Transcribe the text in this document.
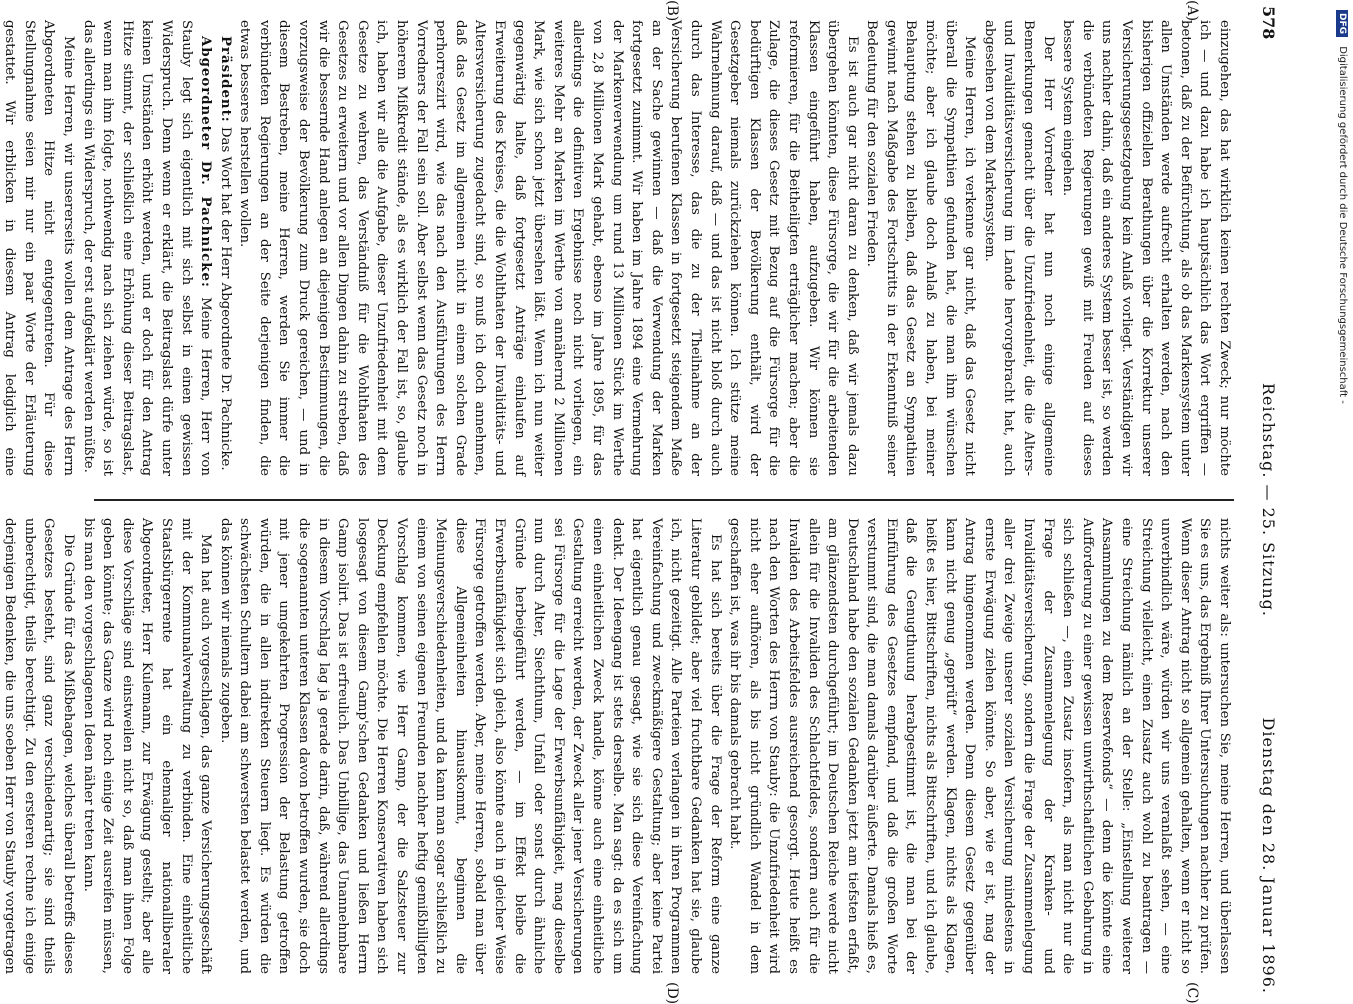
578
Reichstag. — 25. Sitzung.
Dienstag den 28. Januar 1896.
(A)
(B)
(C)
(D)

einzugehen, das hat wirklich keinen rechten Zweck; nur möchte ich — und dazu habe ich hauptsächlich das Wort ergriffen — betonen, daß zu der Befürchtung, als ob das Markensystem unter allen Umständen werde aufrecht erhalten werden, nach den bisherigen offiziellen Berathungen über die Korrektur unserer Versicherungsgesetzgebung kein Anlaß vorliegt. Verständigen wir uns nachher dahin, daß ein anderes System besser ist, so werden die verbündeten Regierungen gewiß mit Freuden auf dieses bessere System eingehen.

Der Herr Vorredner hat nun noch einige allgemeine Bemerkungen gemacht über die Unzufriedenheit, die die Alters- und Invaliditätsversicherung im Lande hervorgebracht hat, auch abgesehen von dem Markensystem.

Meine Herren, ich verkenne gar nicht, daß das Gesetz nicht überall die Sympathien gefunden hat, die man ihm wünschen möchte; aber ich glaube doch Anlaß zu haben, bei meiner Behauptung stehen zu bleiben, daß das Gesetz an Sympathien gewinnt nach Maßgabe des Fortschritts in der Erkenntniß seiner Bedeutung für den sozialen Frieden.

Es ist auch gar nicht daran zu denken, daß wir jemals dazu übergehen könnten, diese Fürsorge, die wir für die arbeitenden Klassen eingeführt haben, aufzugeben. Wir können sie reformieren, für die Beitheiligten erträglicher machen; aber die Zulage, die dieses Gesetz mit Bezug auf die Fürsorge für die bedürftigen Klassen der Bevölkerung enthält, wird der Gesetzgeber niemals zurückziehen können. Ich stütze meine Wahrnehmung darauf, daß — und das ist nicht bloß durch auch durch das Interesse, das die zu der Theilnahme an der Versicherung berufenen Klassen in fortgesetzt steigendem Maße an der Sache gewinnen — daß die Verwendung der Marken fortgesetzt zunimmt. Wir haben im Jahre 1894 eine Vermehrung der Markenverwendung um rund 13 Millionen Stück im Werthe von 2,8 Millionen Mark gehabt, ebenso im Jahre 1895, für das allerdings die definitiven Ergebnisse noch nicht vorliegen, ein weiteres Mehr an Marken im Werthe von annähernd 2 Millionen Mark, wie sich schon jetzt übersehen läßt. Wenn ich nun weiter gegenwärtig halte, daß fortgesetzt Anträge einlaufen auf Erweiterung des Kreises, die die Wohlthaten der Invaliditäts- und Altersversicherung zugedacht sind, so muß ich doch annehmen, daß das Gesetz im allgemeinen nicht in einem solchen Grade perhorreszirt wird, wie das nach den Ausführungen des Herrn Vorredners der Fall sein soll. Aber selbst wenn das Gesetz noch in höherem Mißkredit stände, als es wirklich der Fall ist, so, glaube ich, haben wir alle die Aufgabe, dieser Unzufriedenheit mit dem Gesetze zu wehren, das Verständniß für die Wohlthaten des Gesetzes zu erweitern und vor allen Dingen dahin zu streben, daß wir die bessernde Hand anlegen an diejenigen Bestimmungen, die vorzugsweise der Bevölkerung zum Druck gereichen, — und in diesem Bestreben, meine Herren, werden Sie immer die verbündeten Regierungen an der Seite derjenigen finden, die etwas besseres herstellen wollen.

Präsident: Das Wort hat der Herr Abgeordnete Dr. Pachnicke.

Abgeordneter Dr. Pachnicke: Meine Herren, Herr von Stauby legt sich eigentlich mit sich selbst in einen gewissen Widerspruch. Denn wenn er erklärt, die Beitragslast dürfe unter keinen Umständen erhöht werden, und er doch für den Antrag Hitze stimmt, der schließlich eine Erhöhung dieser Beitragslast, wenn man ihm folgte, nothwendig nach sich ziehen würde, so ist das allerdings ein Widerspruch, der erst aufgeklärt werden müßte.

Meine Herren, wir unsererseits wollen dem Antrage des Herrn Abgeordneten Hitze nicht entgegentreten. Für diese Stellungnahme seien mir nur ein paar Worte der Erläuterung gestattet. Wir erblicken in diesem Antrag lediglich eine

nichts weiter als: untersuchen Sie, meine Herren, und überlassen Sie es uns, das Ergebniß Ihrer Untersuchungen nachher zu prüfen. Wenn dieser Antrag nicht so allgemein gehalten, wenn er nicht so unverbindlich wäre, würden wir uns veranlaßt sehen, — eine Streichung vielleicht, einen Zusatz auch wohl zu beantragen — eine Streichung nämlich an der Stelle: „Einstellung weiterer Ansammlungen zu dem Reservefonds“ — denn die könnte eine Aufforderung zu einer gewissen unwirthschaftlichen Gebahrung in sich schließen —, einen Zusatz insofern, als man nicht nur die Frage der Zusammenlegung der Kranken- und Invaliditätsversicherung, sondern die Frage der Zusammenlegung aller drei Zweige unserer sozialen Versicherung mindestens in ernste Erwägung ziehen könnte. So aber, wie er ist, mag der Antrag hingenommen werden. Denn diesem Gesetz gegenüber kann nicht genug „geprüft“ werden. Klagen, nichts als Klagen, heißt es hier, Bittschriften, nichts als Bittschriften, und ich glaube, daß die Genugthuung herabgestimmt ist, die man bei der Einführung des Gesetzes empfand, und daß die großen Worte verstummt sind, die man damals darüber äußerte. Damals hieß es, Deutschland habe den sozialen Gedanken jetzt am tiefsten erfaßt, am glänzendsten durchgeführt; im Deutschen Reiche werde nicht allein für die Invaliden des Schlachtfeldes, sondern auch für die Invaliden des Arbeitsfeldes ausreichend gesorgt. Heute heißt es nach den Worten des Herrn von Stauby: die Unzufriedenheit wird nicht eher aufhören, als bis nicht gründlich Wandel in dem geschaffen ist, was ihr bis damals gebracht habt.

Es hat sich bereits über die Frage der Reform eine ganze Literatur gebildet; aber viel fruchtbare Gedanken hat sie, glaube ich, nicht gezeitigt. Alle Parteien verlangen in ihren Programmen Vereinfachung und zweckmäßigere Gestaltung; aber keine Partei hat eigentlich genau gesagt, wie sie sich diese Vereinfachung denkt. Der Ideengang ist stets derselbe. Man sagt: da es sich um einen einheitlichen Zweck handle, könne auch eine einheitliche Gestaltung erreicht werden, der Zweck aller jener Versicherungen sei Fürsorge für die Lage der Erwerbsunfähigkeit, mag dieselbe nun durch Alter, Siechthum, Unfall oder sonst durch ähnliche Gründe herbeigeführt werden, — im Effekt bleibe die Erwerbsunfähigkeit sich gleich, also könnte auch in gleicher Weise Fürsorge getroffen werden. Aber, meine Herren, sobald man über diese Allgemeinheiten hinauskommt, beginnen die Meinungsverschiedenheiten, und da kann man sogar schließlich zu einem von seinen eigenen Freunden nachher heftig gemißbilligten Vorschlag kommen, wie Herr Gamp, der die Salzsteuer zur Deckung empfehlen möchte. Die Herren Konservativen haben sich losgesagt von diesem Gamp'schen Gedanken und ließen Herrn Gamp isolirt. Das ist erfreulich. Das Unbillige, das Unannehmbare in diesem Vorschlag lag ja gerade darin, daß, während allerdings die sogenannten unteren Klassen davon betroffen wurden, sie doch mit jener umgekehrten Progression der Belastung getroffen würden, die in allen indirekten Steuern liegt. Es würden die schwächsten Schultern dabei am schwersten belastet werden, und das können wir niemals zugeben.

Man hat auch vorgeschlagen, das ganze Versicherungsgeschäft mit der Kommunalverwaltung zu verbinden. Eine einheitliche Staatsbürgerrente hat ein ehemaliger nationalliberaler Abgeordneter, Herr Kulemann, zur Erwägung gestellt; aber alle diese Vorschläge sind einstweilen nicht so, daß man ihnen Folge geben könnte; das Ganze wird noch einige Zeit ausreifen müssen, bis man den vorgeschlagenen Ideen näher treten kann.

Die Gründe für das Mißbehagen, welches überall betreffs dieses Gesetzes besteht, sind ganz verschiedenartig; sie sind theils unberechtigt, theils berechtigt. Zu den ersteren rechne ich einige derjenigen Bedenken, die uns soeben Herr von Stauby vorgetragen

DFG Digitalisierung gefördert durch die Deutsche Forschungsgemeinschaft -
